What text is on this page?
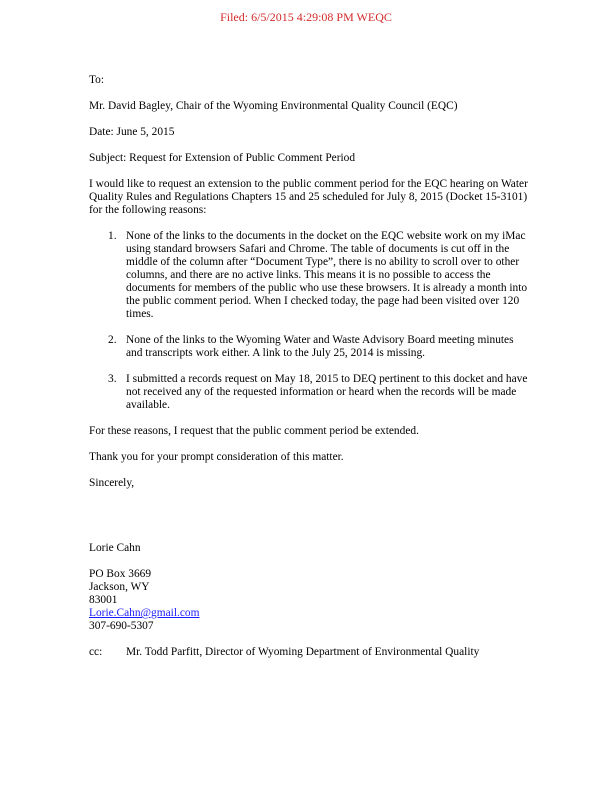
Filed: 6/5/2015 4:29:08 PM WEQC

To:

Mr. David Bagley, Chair of the Wyoming Environmental Quality Council (EQC)

Date: June 5, 2015

Subject: Request for Extension of Public Comment Period

I would like to request an extension to the public comment period for the EQC hearing on Water Quality Rules and Regulations Chapters 15 and 25 scheduled for July 8, 2015 (Docket 15-3101) for the following reasons:

1. None of the links to the documents in the docket on the EQC website work on my iMac using standard browsers Safari and Chrome. The table of documents is cut off in the middle of the column after “Document Type”, there is no ability to scroll over to other columns, and there are no active links. This means it is no possible to access the documents for members of the public who use these browsers. It is already a month into the public comment period. When I checked today, the page had been visited over 120 times.
2. None of the links to the Wyoming Water and Waste Advisory Board meeting minutes and transcripts work either. A link to the July 25, 2014 is missing.
3. I submitted a records request on May 18, 2015 to DEQ pertinent to this docket and have not received any of the requested information or heard when the records will be made available.

For these reasons, I request that the public comment period be extended.

Thank you for your prompt consideration of this matter.

Sincerely,

Lorie Cahn

PO Box 3669
Jackson, WY
83001
Lorie.Cahn@gmail.com
307-690-5307
cc:	Mr. Todd Parfitt, Director of Wyoming Department of Environmental Quality
